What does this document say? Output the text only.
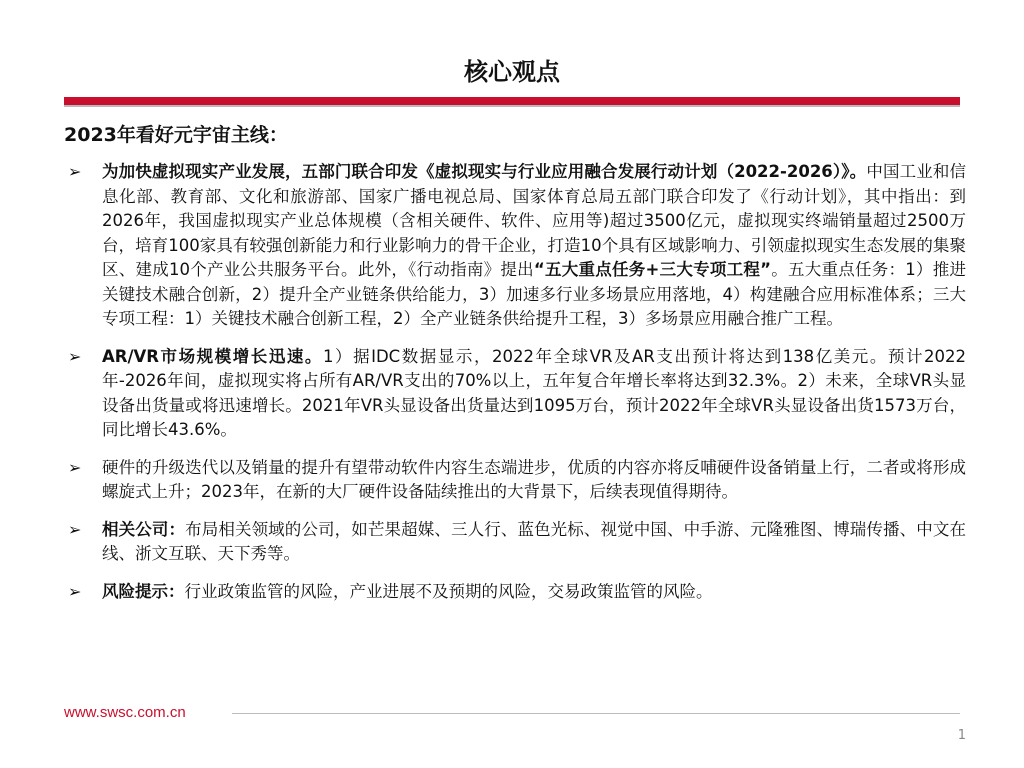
核心观点
2023年看好元宇宙主线：
➢ 为加快虚拟现实产业发展，五部门联合印发《虚拟现实与行业应用融合发展行动计划（2022-2026）》。中国工业和信息化部、教育部、文化和旅游部、国家广播电视总局、国家体育总局五部门联合印发了《行动计划》，其中指出：到2026年，我国虚拟现实产业总体规模（含相关硬件、软件、应用等)超过3500亿元，虚拟现实终端销量超过2500万台，培育100家具有较强创新能力和行业影响力的骨干企业，打造10个具有区域影响力、引领虚拟现实生态发展的集聚区、建成10个产业公共服务平台。此外，《行动指南》提出“五大重点任务+三大专项工程”。五大重点任务：1）推进关键技术融合创新，2）提升全产业链条供给能力，3）加速多行业多场景应用落地，4）构建融合应用标准体系；三大专项工程：1）关键技术融合创新工程，2）全产业链条供给提升工程，3）多场景应用融合推广工程。
➢ AR/VR市场规模增长迅速。1）据IDC数据显示，2022年全球VR及AR支出预计将达到138亿美元。预计2022年-2026年间，虚拟现实将占所有AR/VR支出的70%以上，五年复合年增长率将达到32.3%。2）未来，全球VR头显设备出货量或将迅速增长。2021年VR头显设备出货量达到1095万台，预计2022年全球VR头显设备出货1573万台，同比增长43.6%。
➢ 硬件的升级迭代以及销量的提升有望带动软件内容生态端进步，优质的内容亦将反哺硬件设备销量上行，二者或将形成螺旋式上升；2023年，在新的大厂硬件设备陆续推出的大背景下，后续表现值得期待。
➢ 相关公司：布局相关领域的公司，如芒果超媒、三人行、蓝色光标、视觉中国、中手游、元隆雅图、博瑞传播、中文在线、浙文互联、天下秀等。
➢ 风险提示：行业政策监管的风险，产业进展不及预期的风险，交易政策监管的风险。
www.swsc.com.cn
1
